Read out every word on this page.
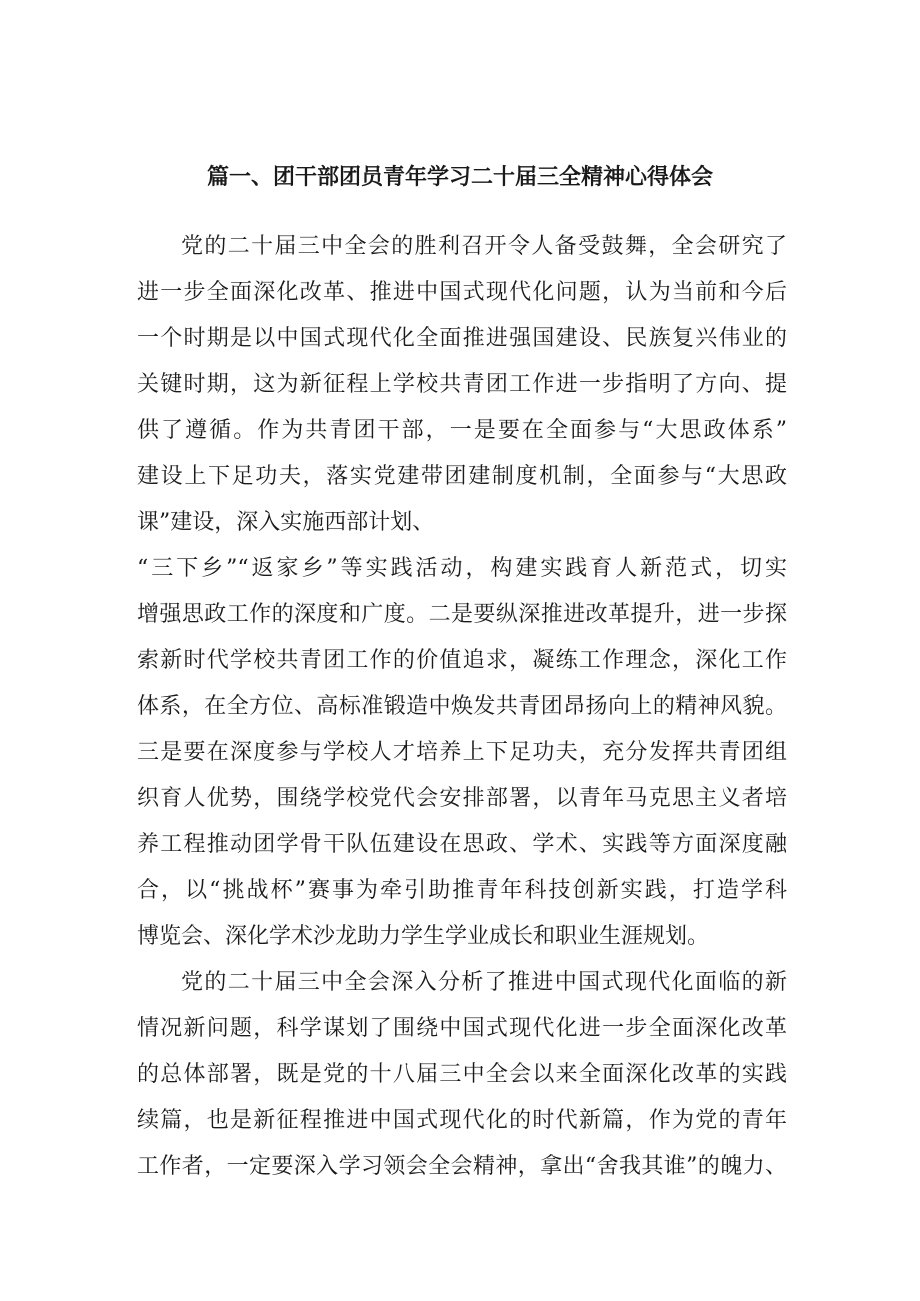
篇一、团干部团员青年学习二十届三全精神心得体会
党的二十届三中全会的胜利召开令人备受鼓舞，全会研究了
进一步全面深化改革、推进中国式现代化问题，认为当前和今后
一个时期是以中国式现代化全面推进强国建设、民族复兴伟业的
关键时期，这为新征程上学校共青团工作进一步指明了方向、提
供了遵循。作为共青团干部，一是要在全面参与“大思政体系”
建设上下足功夫，落实党建带团建制度机制，全面参与“大思政
课”建设，深入实施西部计划、
“三下乡”“返家乡”等实践活动，构建实践育人新范式，切实
增强思政工作的深度和广度。二是要纵深推进改革提升，进一步探
索新时代学校共青团工作的价值追求，凝练工作理念，深化工作
体系，在全方位、高标准锻造中焕发共青团昂扬向上的精神风貌。
三是要在深度参与学校人才培养上下足功夫，充分发挥共青团组
织育人优势，围绕学校党代会安排部署，以青年马克思主义者培
养工程推动团学骨干队伍建设在思政、学术、实践等方面深度融
合，以“挑战杯”赛事为牵引助推青年科技创新实践，打造学科
博览会、深化学术沙龙助力学生学业成长和职业生涯规划。
党的二十届三中全会深入分析了推进中国式现代化面临的新
情况新问题，科学谋划了围绕中国式现代化进一步全面深化改革
的总体部署，既是党的十八届三中全会以来全面深化改革的实践
续篇，也是新征程推进中国式现代化的时代新篇，作为党的青年
工作者，一定要深入学习领会全会精神，拿出“舍我其谁”的魄力、
